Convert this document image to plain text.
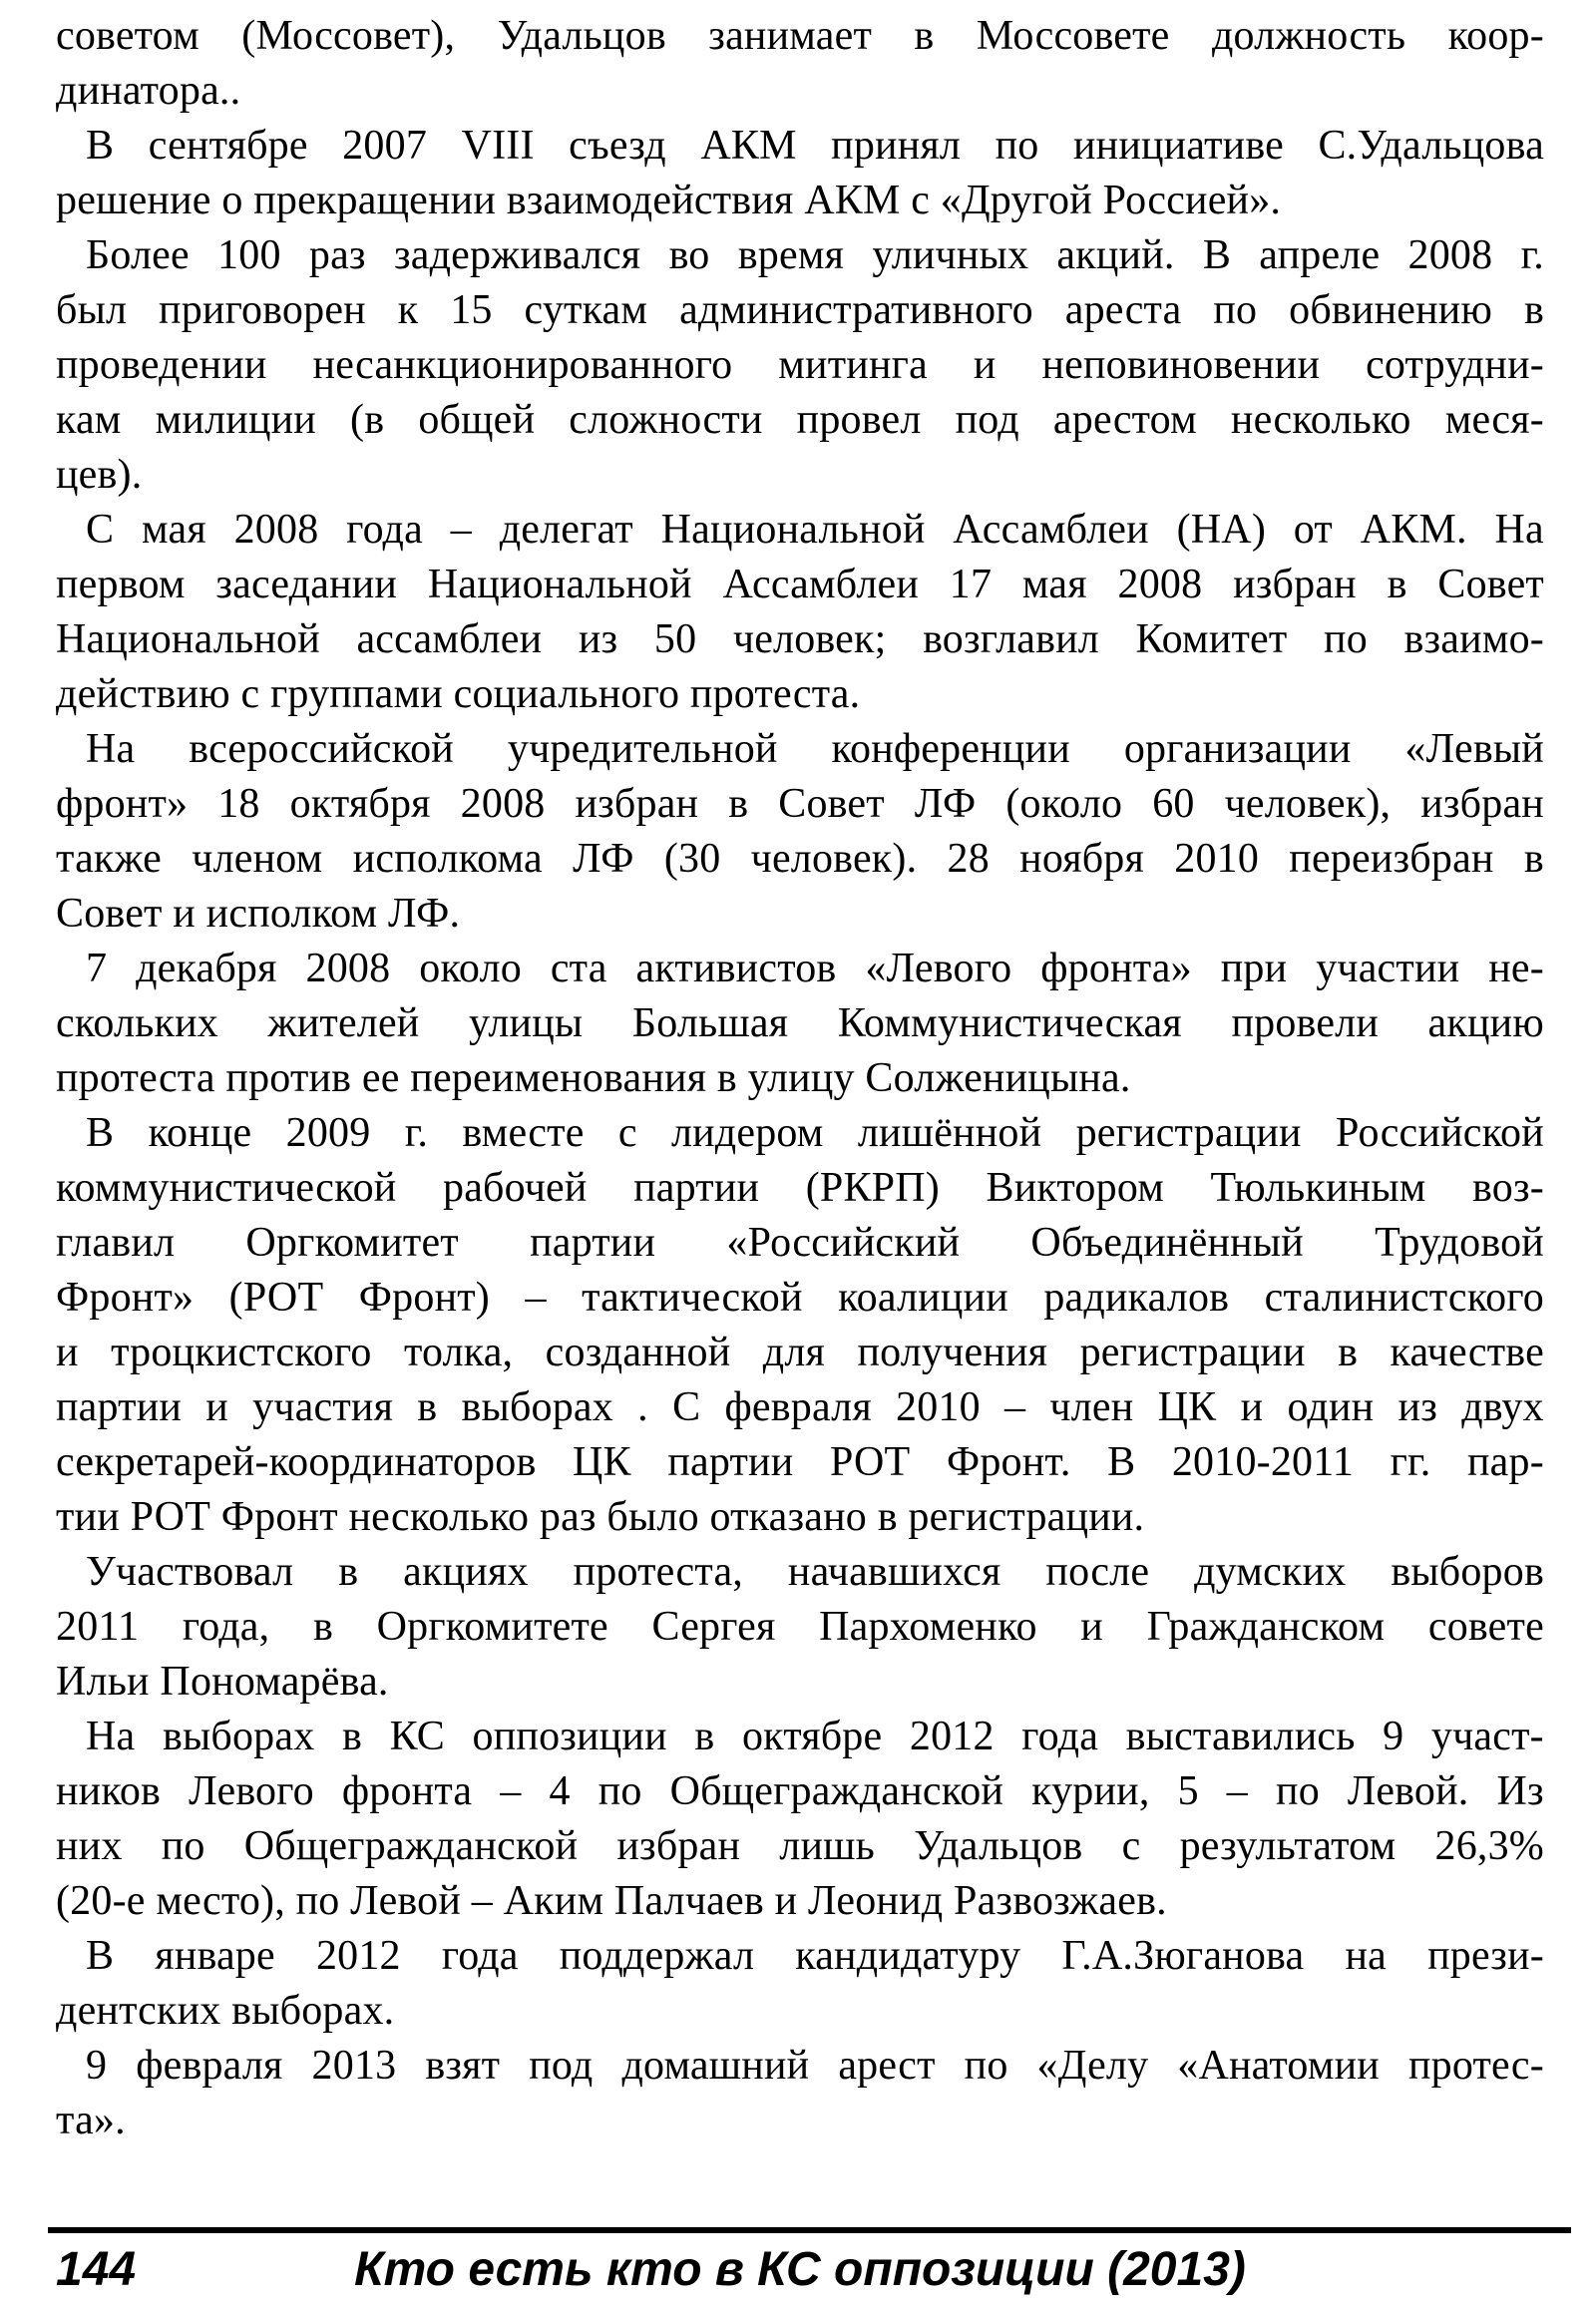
советом (Моссовет), Удальцов занимает в Моссовете должность коор-
динатора..
В сентябре 2007 VIII съезд АКМ принял по инициативе С.Удальцова
решение о прекращении взаимодействия АКМ с «Другой Россией».
Более 100 раз задерживался во время уличных акций. В апреле 2008 г.
был приговорен к 15 суткам административного ареста по обвинению в
проведении несанкционированного митинга и неповиновении сотрудни-
кам милиции (в общей сложности провел под арестом несколько меся-
цев).
С мая 2008 года – делегат Национальной Ассамблеи (НА) от АКМ. На
первом заседании Национальной Ассамблеи 17 мая 2008 избран в Совет
Национальной ассамблеи из 50 человек; возглавил Комитет по взаимо-
действию с группами социального протеста.
На всероссийской учредительной конференции организации «Левый
фронт» 18 октября 2008 избран в Совет ЛФ (около 60 человек), избран
также членом исполкома ЛФ (30 человек). 28 ноября 2010 переизбран в
Совет и исполком ЛФ.
7 декабря 2008 около ста активистов «Левого фронта» при участии не-
скольких жителей улицы Большая Коммунистическая провели акцию
протеста против ее переименования в улицу Солженицына.
В конце 2009 г. вместе с лидером лишённой регистрации Российской
коммунистической рабочей партии (РКРП) Виктором Тюлькиным воз-
главил Оргкомитет партии «Российский Объединённый Трудовой
Фронт» (РОТ Фронт) – тактической коалиции радикалов сталинистского
и троцкистского толка, созданной для получения регистрации в качестве
партии и участия в выборах . С февраля 2010 – член ЦК и один из двух
секретарей-координаторов ЦК партии РОТ Фронт. В 2010-2011 гг. пар-
тии РОТ Фронт несколько раз было отказано в регистрации.
Участвовал в акциях протеста, начавшихся после думских выборов
2011 года, в Оргкомитете Сергея Пархоменко и Гражданском совете
Ильи Пономарёва.
На выборах в КС оппозиции в октябре 2012 года выставились 9 участ-
ников Левого фронта – 4 по Общегражданской курии, 5 – по Левой. Из
них по Общегражданской избран лишь Удальцов с результатом 26,3%
(20-е место), по Левой – Аким Палчаев и Леонид Развозжаев.
В январе 2012 года поддержал кандидатуру Г.А.Зюганова на прези-
дентских выборах.
9 февраля 2013 взят под домашний арест по «Делу «Анатомии протес-
та».
144	Кто есть кто в КС оппозиции (2013)
